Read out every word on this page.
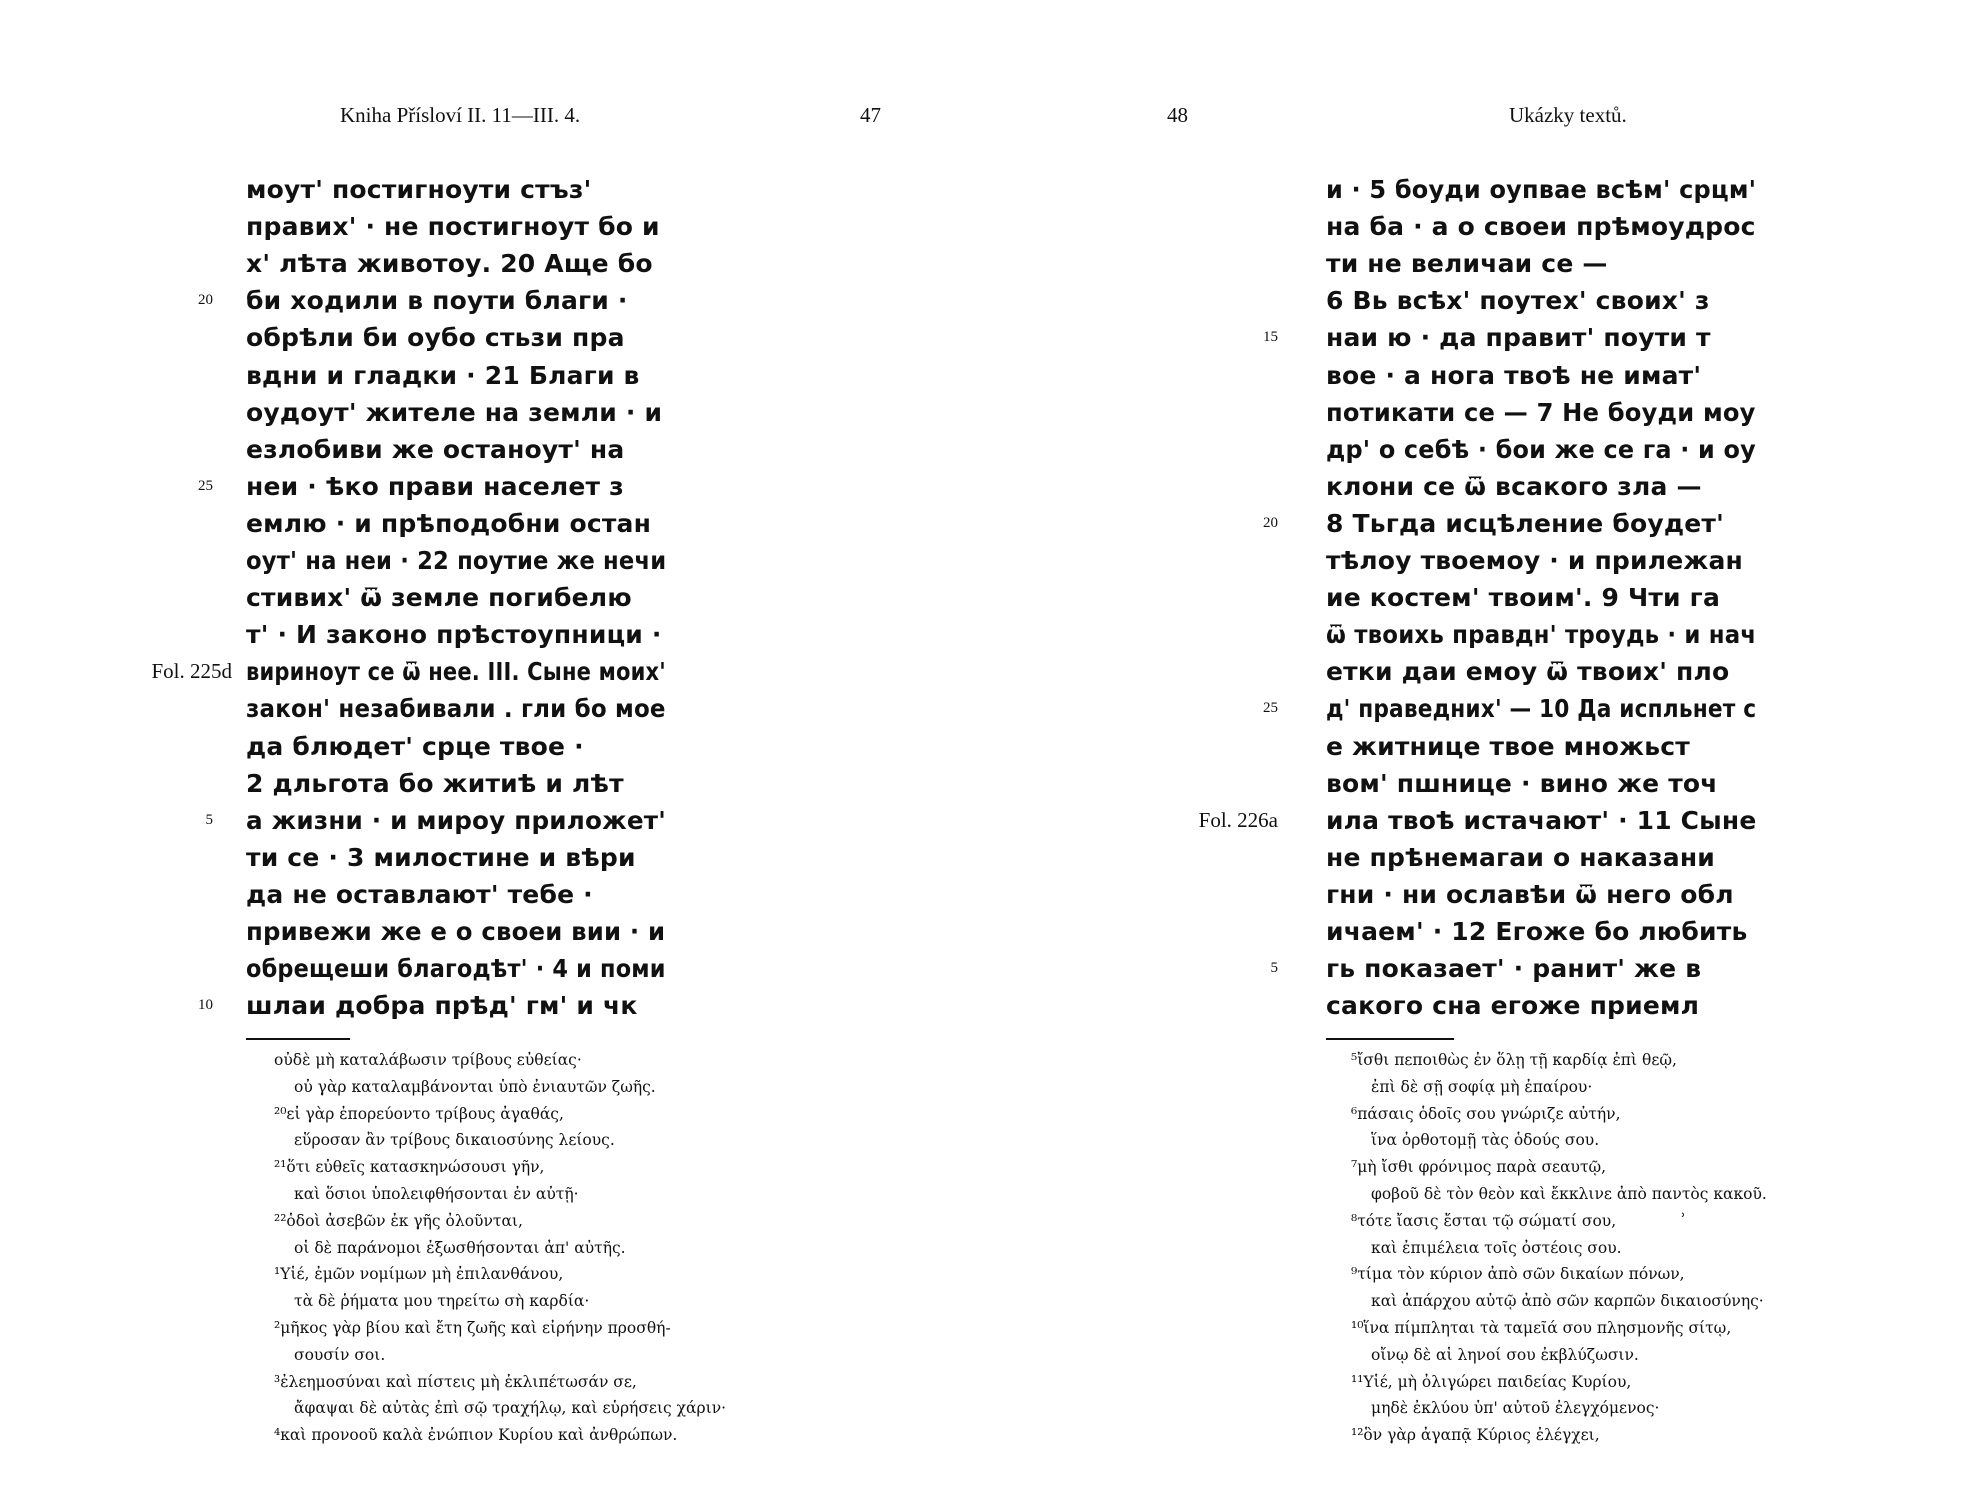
Kniha Přísloví II. 11—III. 4.	47
20
25
5
10
Fol. 225d
моут' постигноути стъз'
правих' · не постигноут бо и
х' лѣта животоу. 20 Аще бо
би ходили в поути благи ·
обрѣли би оубо стьзи пра
вдни и гладки · 21 Благи в
оудоут' жителе на земли · и
езлобиви же останоут' на
неи · ѣко прави населет з
емлю · и прѣподобни остан
оут' на неи · 22 поутие же нечи
стивих' ѿ земле погибелю
т' · И законо прѣстоупници ·
вириноут се ѿ нее. III. Сыне моих'
закон' незабивали . гли бо мое
да блюдет' срце твое ·
2 дльгота бо житиѣ и лѣт
а жизни · и мироу приложет'
ти се · 3 милостине и вѣри
да не оставлают' тебе ·
привежи же е о своеи вии · и
обрещеши благодѣт' · 4 и поми
шлаи добра прѣд' гм' и чк
οὐδὲ μὴ καταλάβωσιν τρίβους εὐθείας·
οὐ γὰρ καταλαμβάνονται ὑπὸ ἐνιαυτῶν ζωῆς.
²⁰εἰ γὰρ ἐπορεύοντο τρίβους ἀγαθάς,
εὕροσαν ἂν τρίβους δικαιοσύνης λείους.
²¹ὅτι εὐθεῖς κατασκηνώσουσι γῆν,
καὶ ὅσιοι ὑπολειφθήσονται ἐν αὐτῇ·
²²ὁδοὶ ἀσεβῶν ἐκ γῆς ὀλοῦνται,
οἱ δὲ παράνομοι ἐξωσθήσονται ἀπ' αὐτῆς.
¹Υἱέ, ἐμῶν νομίμων μὴ ἐπιλανθάνου,
τὰ δὲ ῥήματα μου τηρείτω σὴ καρδία·
²μῆκος γὰρ βίου καὶ ἔτη ζωῆς καὶ εἰρήνην προσθή-
σουσίν σοι.
³ἐλεημοσύναι καὶ πίστεις μὴ ἐκλιπέτωσάν σε,
ἄφαψαι δὲ αὐτὰς ἐπὶ σῷ τραχήλῳ, καὶ εὑρήσεις χάριν·
⁴καὶ προνοοῦ καλὰ ἐνώπιον Κυρίου καὶ ἀνθρώπων.
48	Ukázky textů.
15
20
25
5
Fol. 226a
и · 5 боуди оупвае всѣм' срцм'
на ба · а о своеи прѣмоудрос
ти не величаи се —
6 Вь всѣх' поутех' своих' з
наи ю · да правит' поути т
вое · а нога твоѣ не имат'
потикати се — 7 Не боуди моу
др' о себѣ · бои же се га · и оу
клони се ѿ всакого зла —
8 Тьгда исцѣление боудет'
тѣлоу твоемоу · и прилежан
ие костем' твоим'. 9 Чти га
ѿ твоихь правдн' троудь · и нач
етки даи емоу ѿ твоих' пло
д' праведних' — 10 Да испльнет с
е житнице твое множьст
вом' пшнице · вино же точ
ила твоѣ истачают' · 11 Сыне
не прѣнемагаи о наказани
гни · ни ославѣи ѿ него обл
ичаем' · 12 Егоже бо любить
гь показает' · ранит' же в
сакого сна егоже приемл
⁵ἴσθι πεποιθὼς ἐν ὅλῃ τῇ καρδίᾳ ἐπὶ θεῷ,
ἐπὶ δὲ σῇ σοφίᾳ μὴ ἐπαίρου·
⁶πάσαις ὁδοῖς σου γνώριζε αὐτήν,
ἵνα ὀρθοτομῇ τὰς ὁδούς σου.
⁷μὴ ἴσθι φρόνιμος παρὰ σεαυτῷ,
φοβοῦ δὲ τὸν θεὸν καὶ ἔκκλινε ἀπὸ παντὸς κακοῦ.
⁸τότε ἴασις ἔσται τῷ σώματί σου,
καὶ ἐπιμέλεια τοῖς ὀστέοις σου.
⁹τίμα τὸν κύριον ἀπὸ σῶν δικαίων πόνων,
καὶ ἀπάρχου αὐτῷ ἀπὸ σῶν καρπῶν δικαιοσύνης·
¹⁰ἵνα πίμπληται τὰ ταμεῖά σου πλησμονῆς σίτῳ,
οἴνῳ δὲ αἱ ληνοί σου ἐκβλύζωσιν.
¹¹Υἱέ, μὴ ὀλιγώρει παιδείας Κυρίου,
μηδὲ ἐκλύου ὑπ' αὐτοῦ ἐλεγχόμενος·
¹²ὃν γὰρ ἀγαπᾷ Κύριος ἐλέγχει,
ʾ
